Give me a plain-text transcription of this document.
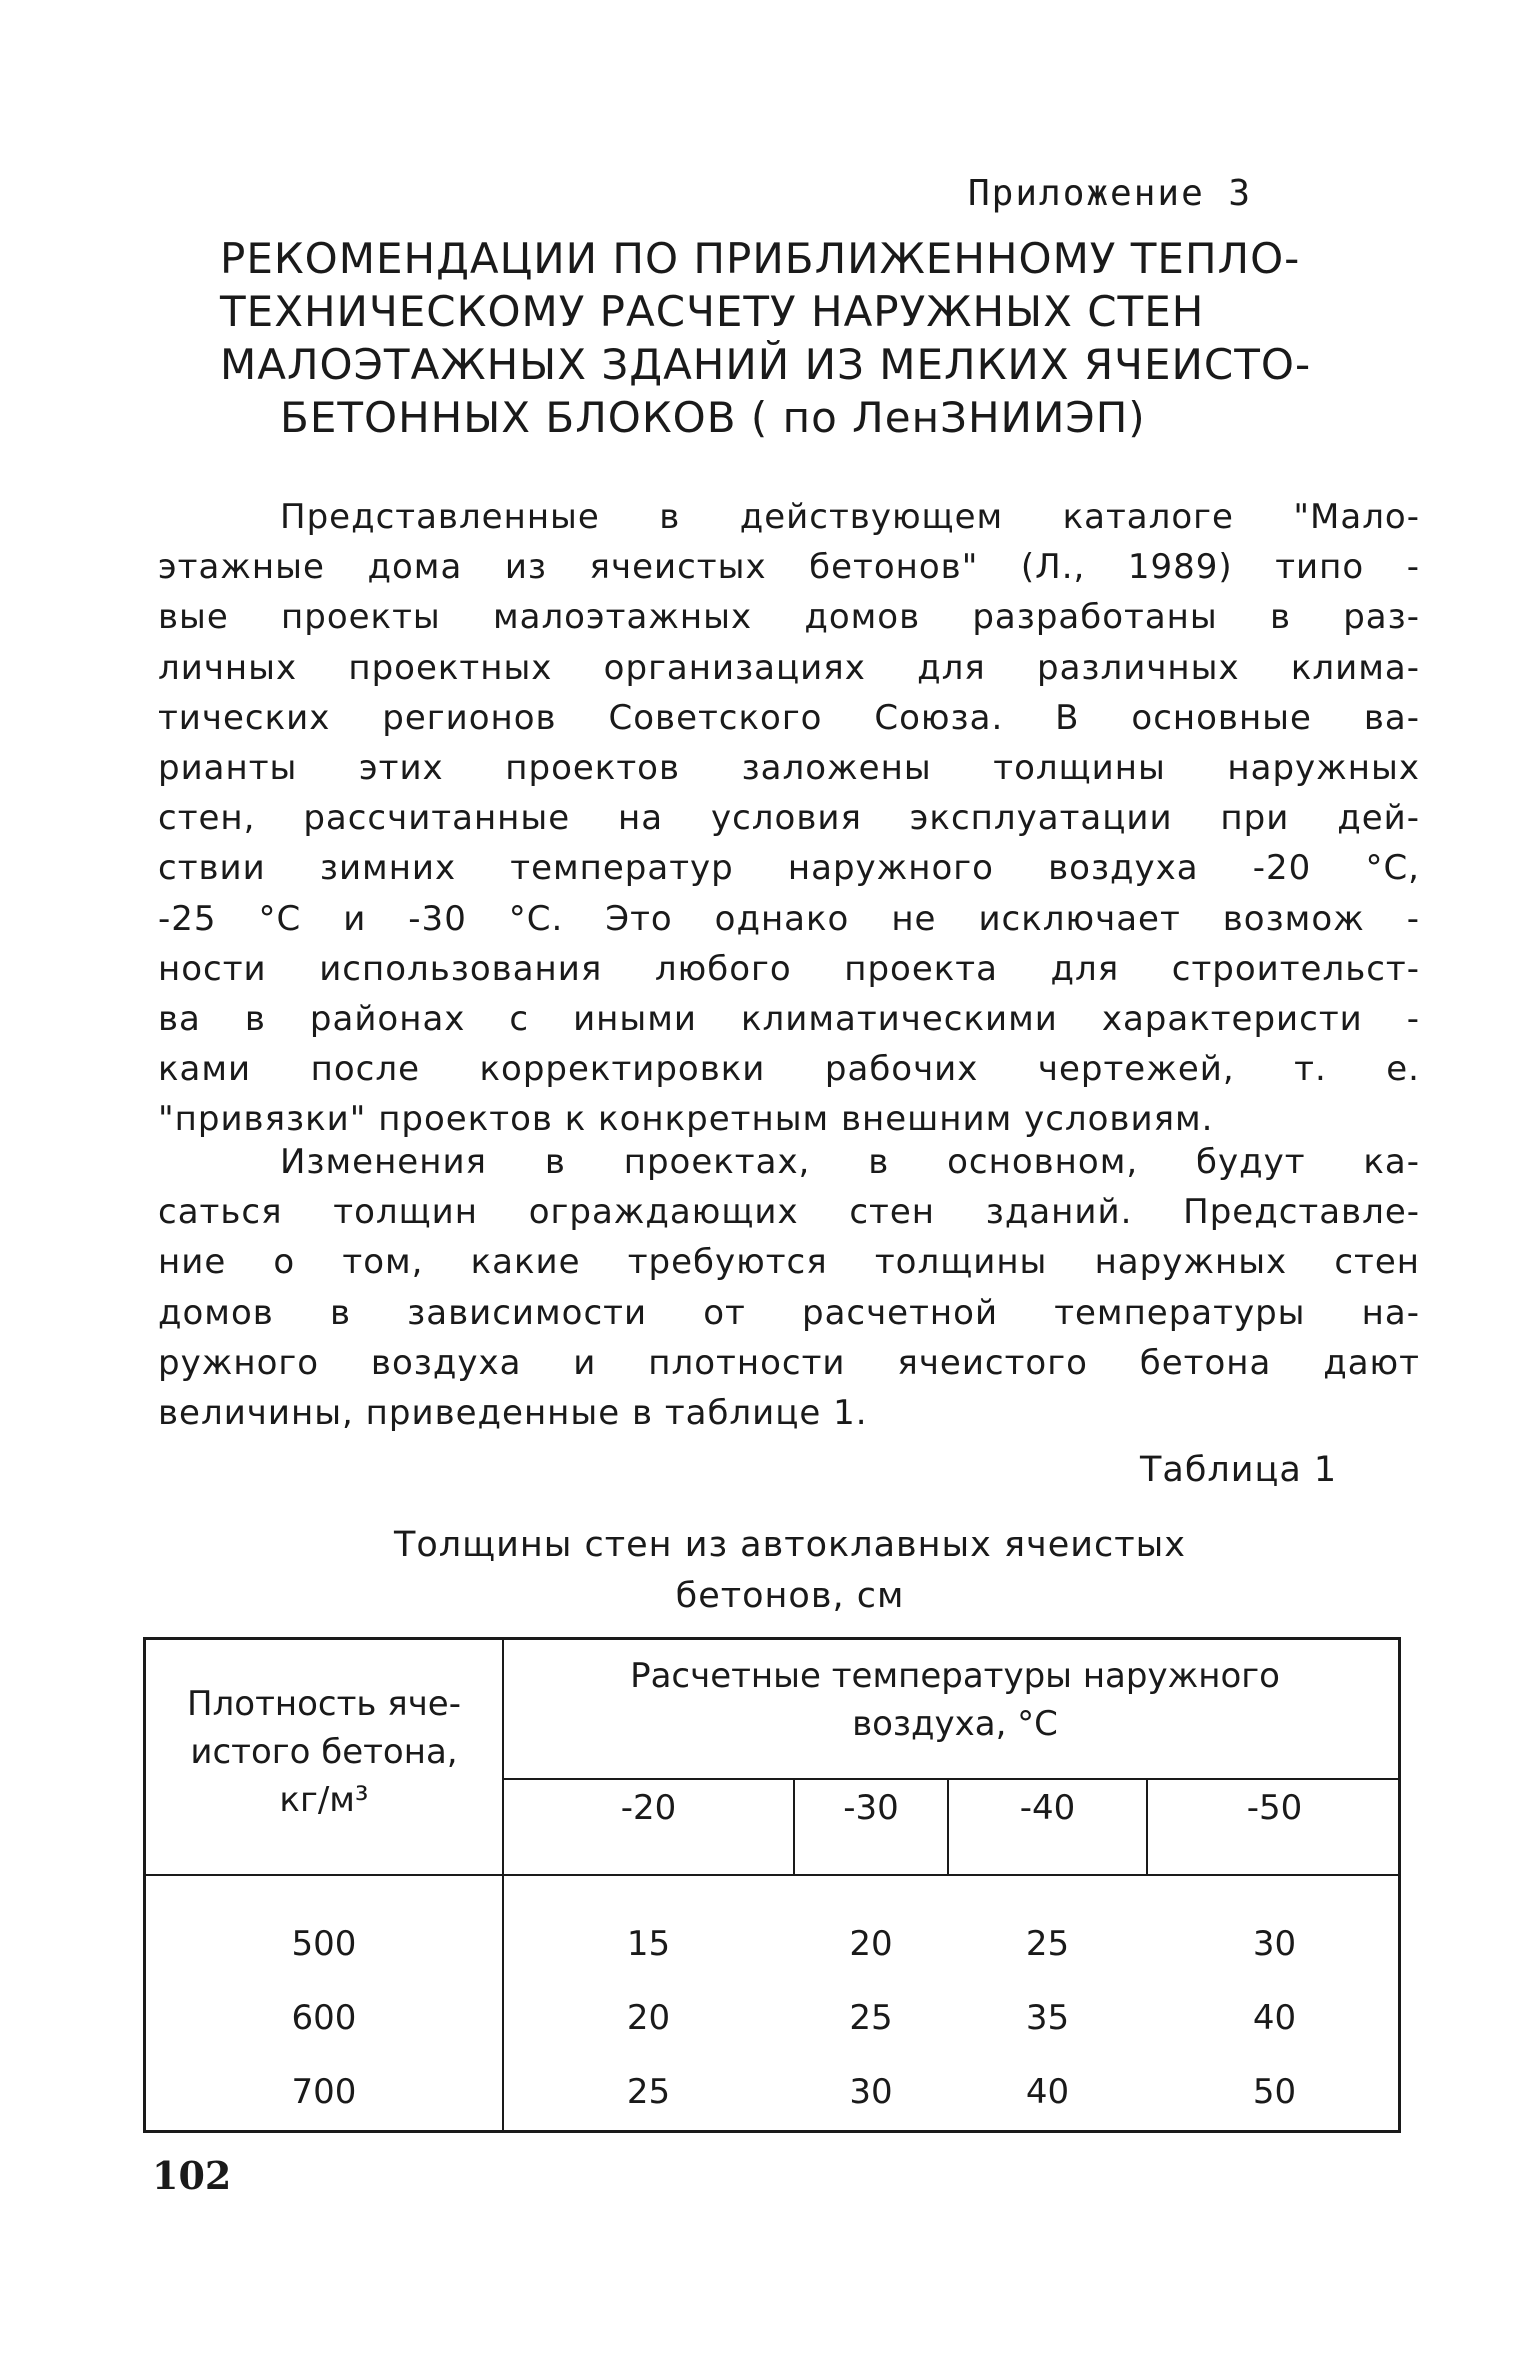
Приложение 3
РЕКОМЕНДАЦИИ ПО ПРИБЛИЖЕННОМУ ТЕПЛО-
ТЕХНИЧЕСКОМУ РАСЧЕТУ НАРУЖНЫХ СТЕН
МАЛОЭТАЖНЫХ ЗДАНИЙ ИЗ МЕЛКИХ ЯЧЕИСТО-
БЕТОННЫХ БЛОКОВ ( по ЛенЗНИИЭП)
Представленные в действующем каталоге "Мало-
этажные дома из ячеистых бетонов" (Л., 1989) типо -
вые проекты малоэтажных домов разработаны в раз-
личных проектных организациях для различных клима-
тических регионов Советского Союза. В основные ва-
рианты этих проектов заложены толщины наружных
стен, рассчитанные на условия эксплуатации при дей-
ствии зимних температур наружного воздуха -20 °С,
-25 °С и -30 °С. Это однако не исключает возмож -
ности использования любого проекта для строительст-
ва в районах с иными климатическими характеристи -
ками после корректировки рабочих чертежей, т. е.
"привязки" проектов к конкретным внешним условиям.
Изменения в проектах, в основном, будут ка-
саться толщин ограждающих стен зданий. Представле-
ние о том, какие требуются толщины наружных стен
домов в зависимости от расчетной температуры на-
ружного воздуха и плотности ячеистого бетона дают
величины, приведенные в таблице 1.
Таблица 1
Толщины стен из автоклавных ячеистых
бетонов, см
Плотность яче-
истого бетона,
кг/м³
Расчетные температуры наружного
воздуха, °С
-20	-30	-40	-50
500	15	20	25	30
600	20	25	35	40
700	25	30	40	50
102
